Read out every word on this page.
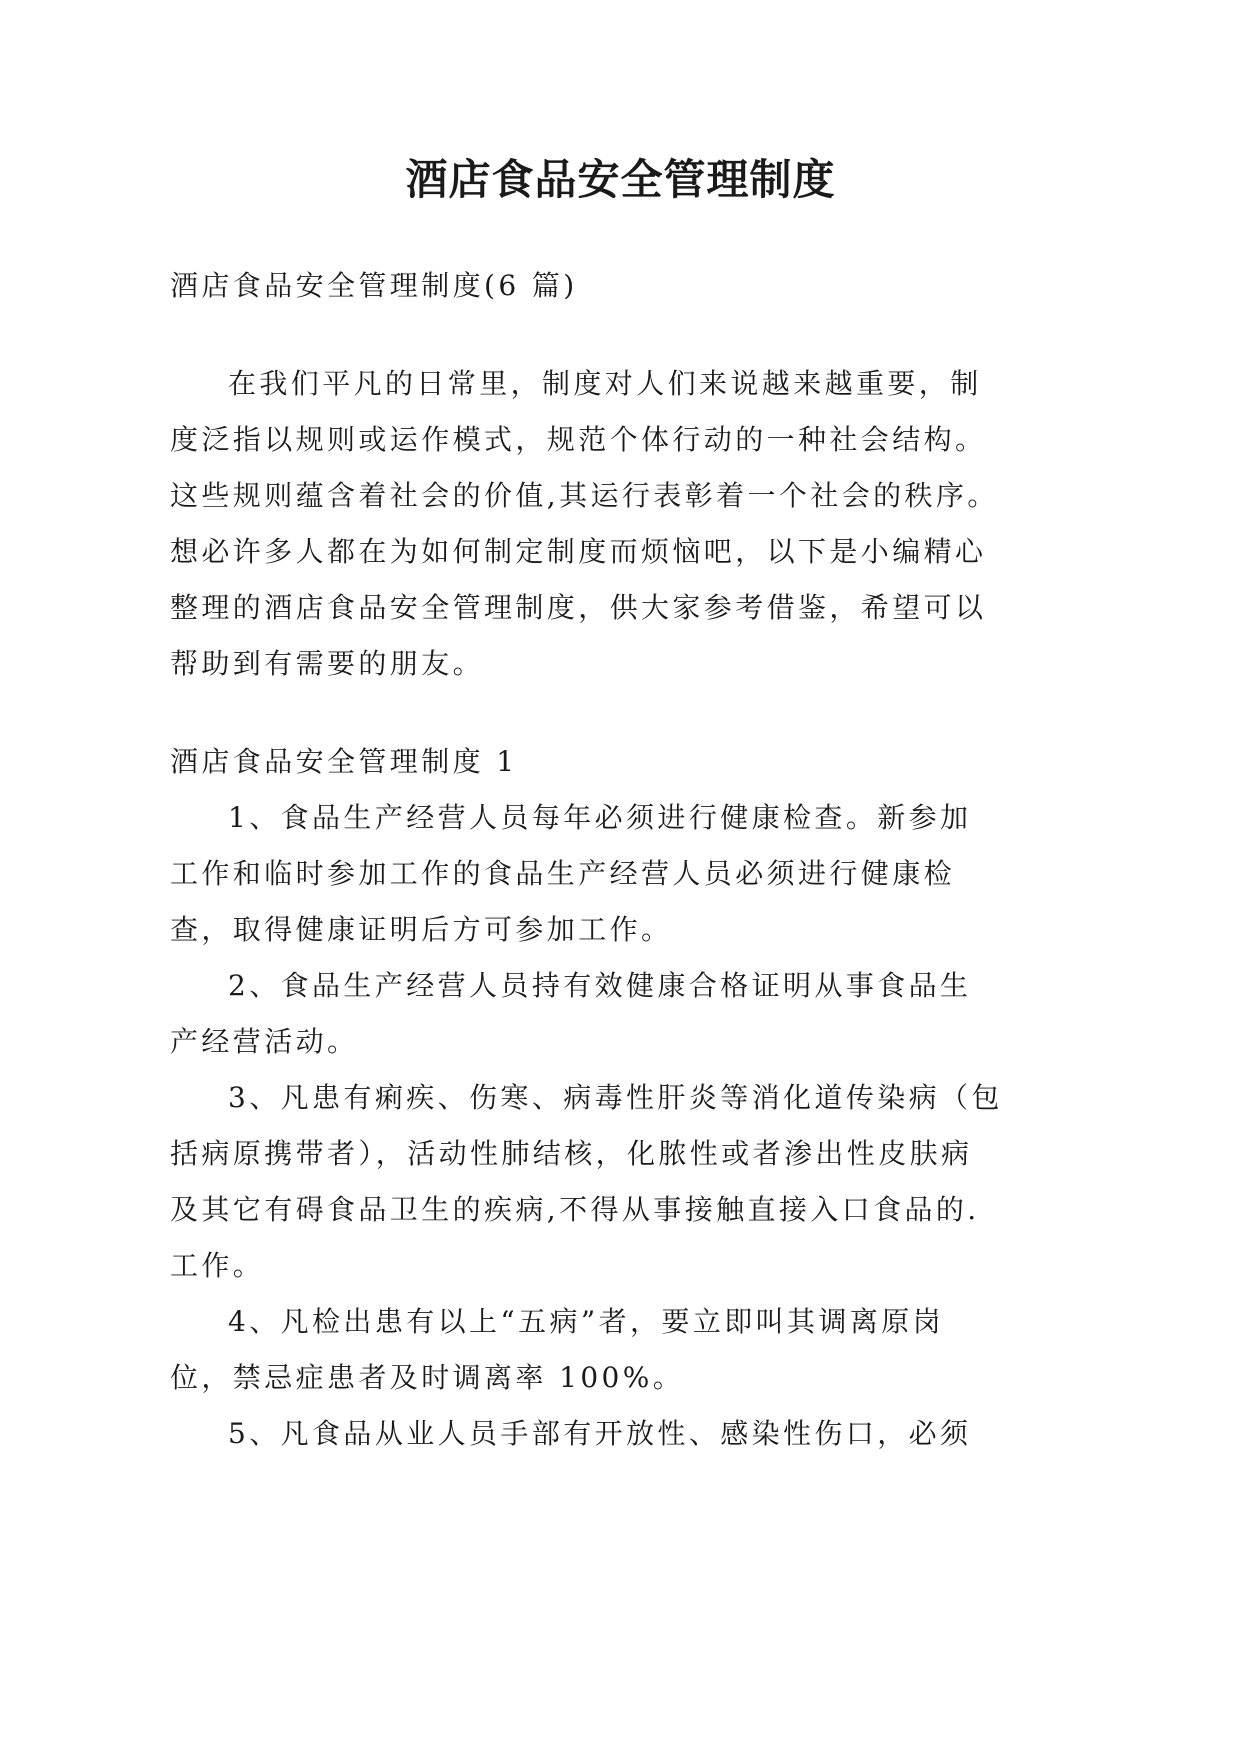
酒店食品安全管理制度
酒店食品安全管理制度(6 篇)
在我们平凡的日常里，制度对人们来说越来越重要，制
度泛指以规则或运作模式，规范个体行动的一种社会结构。
这些规则蕴含着社会的价值,其运行表彰着一个社会的秩序。
想必许多人都在为如何制定制度而烦恼吧，以下是小编精心
整理的酒店食品安全管理制度，供大家参考借鉴，希望可以
帮助到有需要的朋友。
酒店食品安全管理制度 1
1、食品生产经营人员每年必须进行健康检查。新参加
工作和临时参加工作的食品生产经营人员必须进行健康检
查，取得健康证明后方可参加工作。
2、食品生产经营人员持有效健康合格证明从事食品生
产经营活动。
3、凡患有痢疾、伤寒、病毒性肝炎等消化道传染病（包
括病原携带者），活动性肺结核，化脓性或者渗出性皮肤病
及其它有碍食品卫生的疾病,不得从事接触直接入口食品的.
工作。
4、凡检出患有以上“五病”者，要立即叫其调离原岗
位，禁忌症患者及时调离率 100%。
5、凡食品从业人员手部有开放性、感染性伤口，必须
